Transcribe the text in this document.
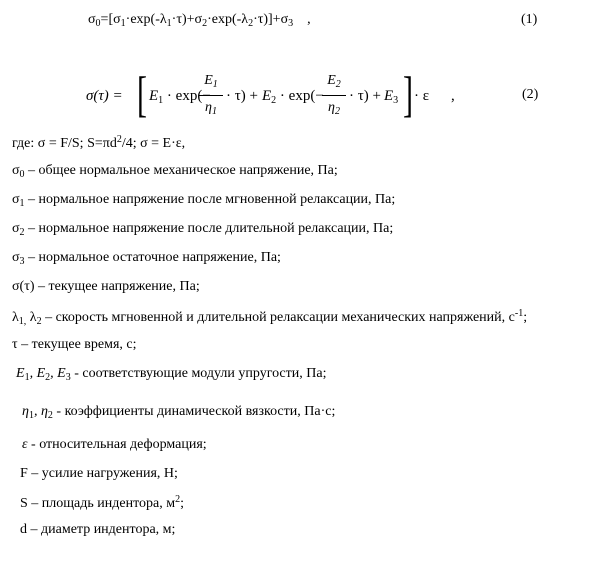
$\sigma_0=[\sigma_1\cdot\exp(-\lambda_1\cdot\tau)+\sigma_2\cdot\exp(-\lambda_2\cdot\tau)]+\sigma_3$ ,	(1)
σ(τ) = [ $E_1 \cdot \exp(-$
$E_1$
$\eta_1$
· $\tau) + E_2 \cdot \exp(-$
$E_2$
$\eta_2$
· $\tau) + E_3$ ] · ε ,	(2)
где: σ = F/S; $S=\pi d^2/4$; σ = E·ε,
$\sigma_0$ – общее нормальное механическое напряжение, Па;
$\sigma_1$ – нормальное напряжение после мгновенной релаксации, Па;
$\sigma_2$ – нормальное напряжение после длительной релаксации, Па;
$\sigma_3$ – нормальное остаточное напряжение, Па;
σ(τ) – текущее напряжение, Па;
$\lambda_{1,}$ $\lambda_2$ – скорость мгновенной и длительной релаксации механических напряжений, $с^{-1}$;
τ – текущее время, с;
$E_1$, $E_2$, $E_3$ - соответствующие модули упругости, Па;
$\eta_1$, $\eta_2$ - коэффициенты динамической вязкости, Па·с;
ε - относительная деформация;
F – усилие нагружения, Н;
S – площадь индентора, $м^2$;
d – диаметр индентора, м;
